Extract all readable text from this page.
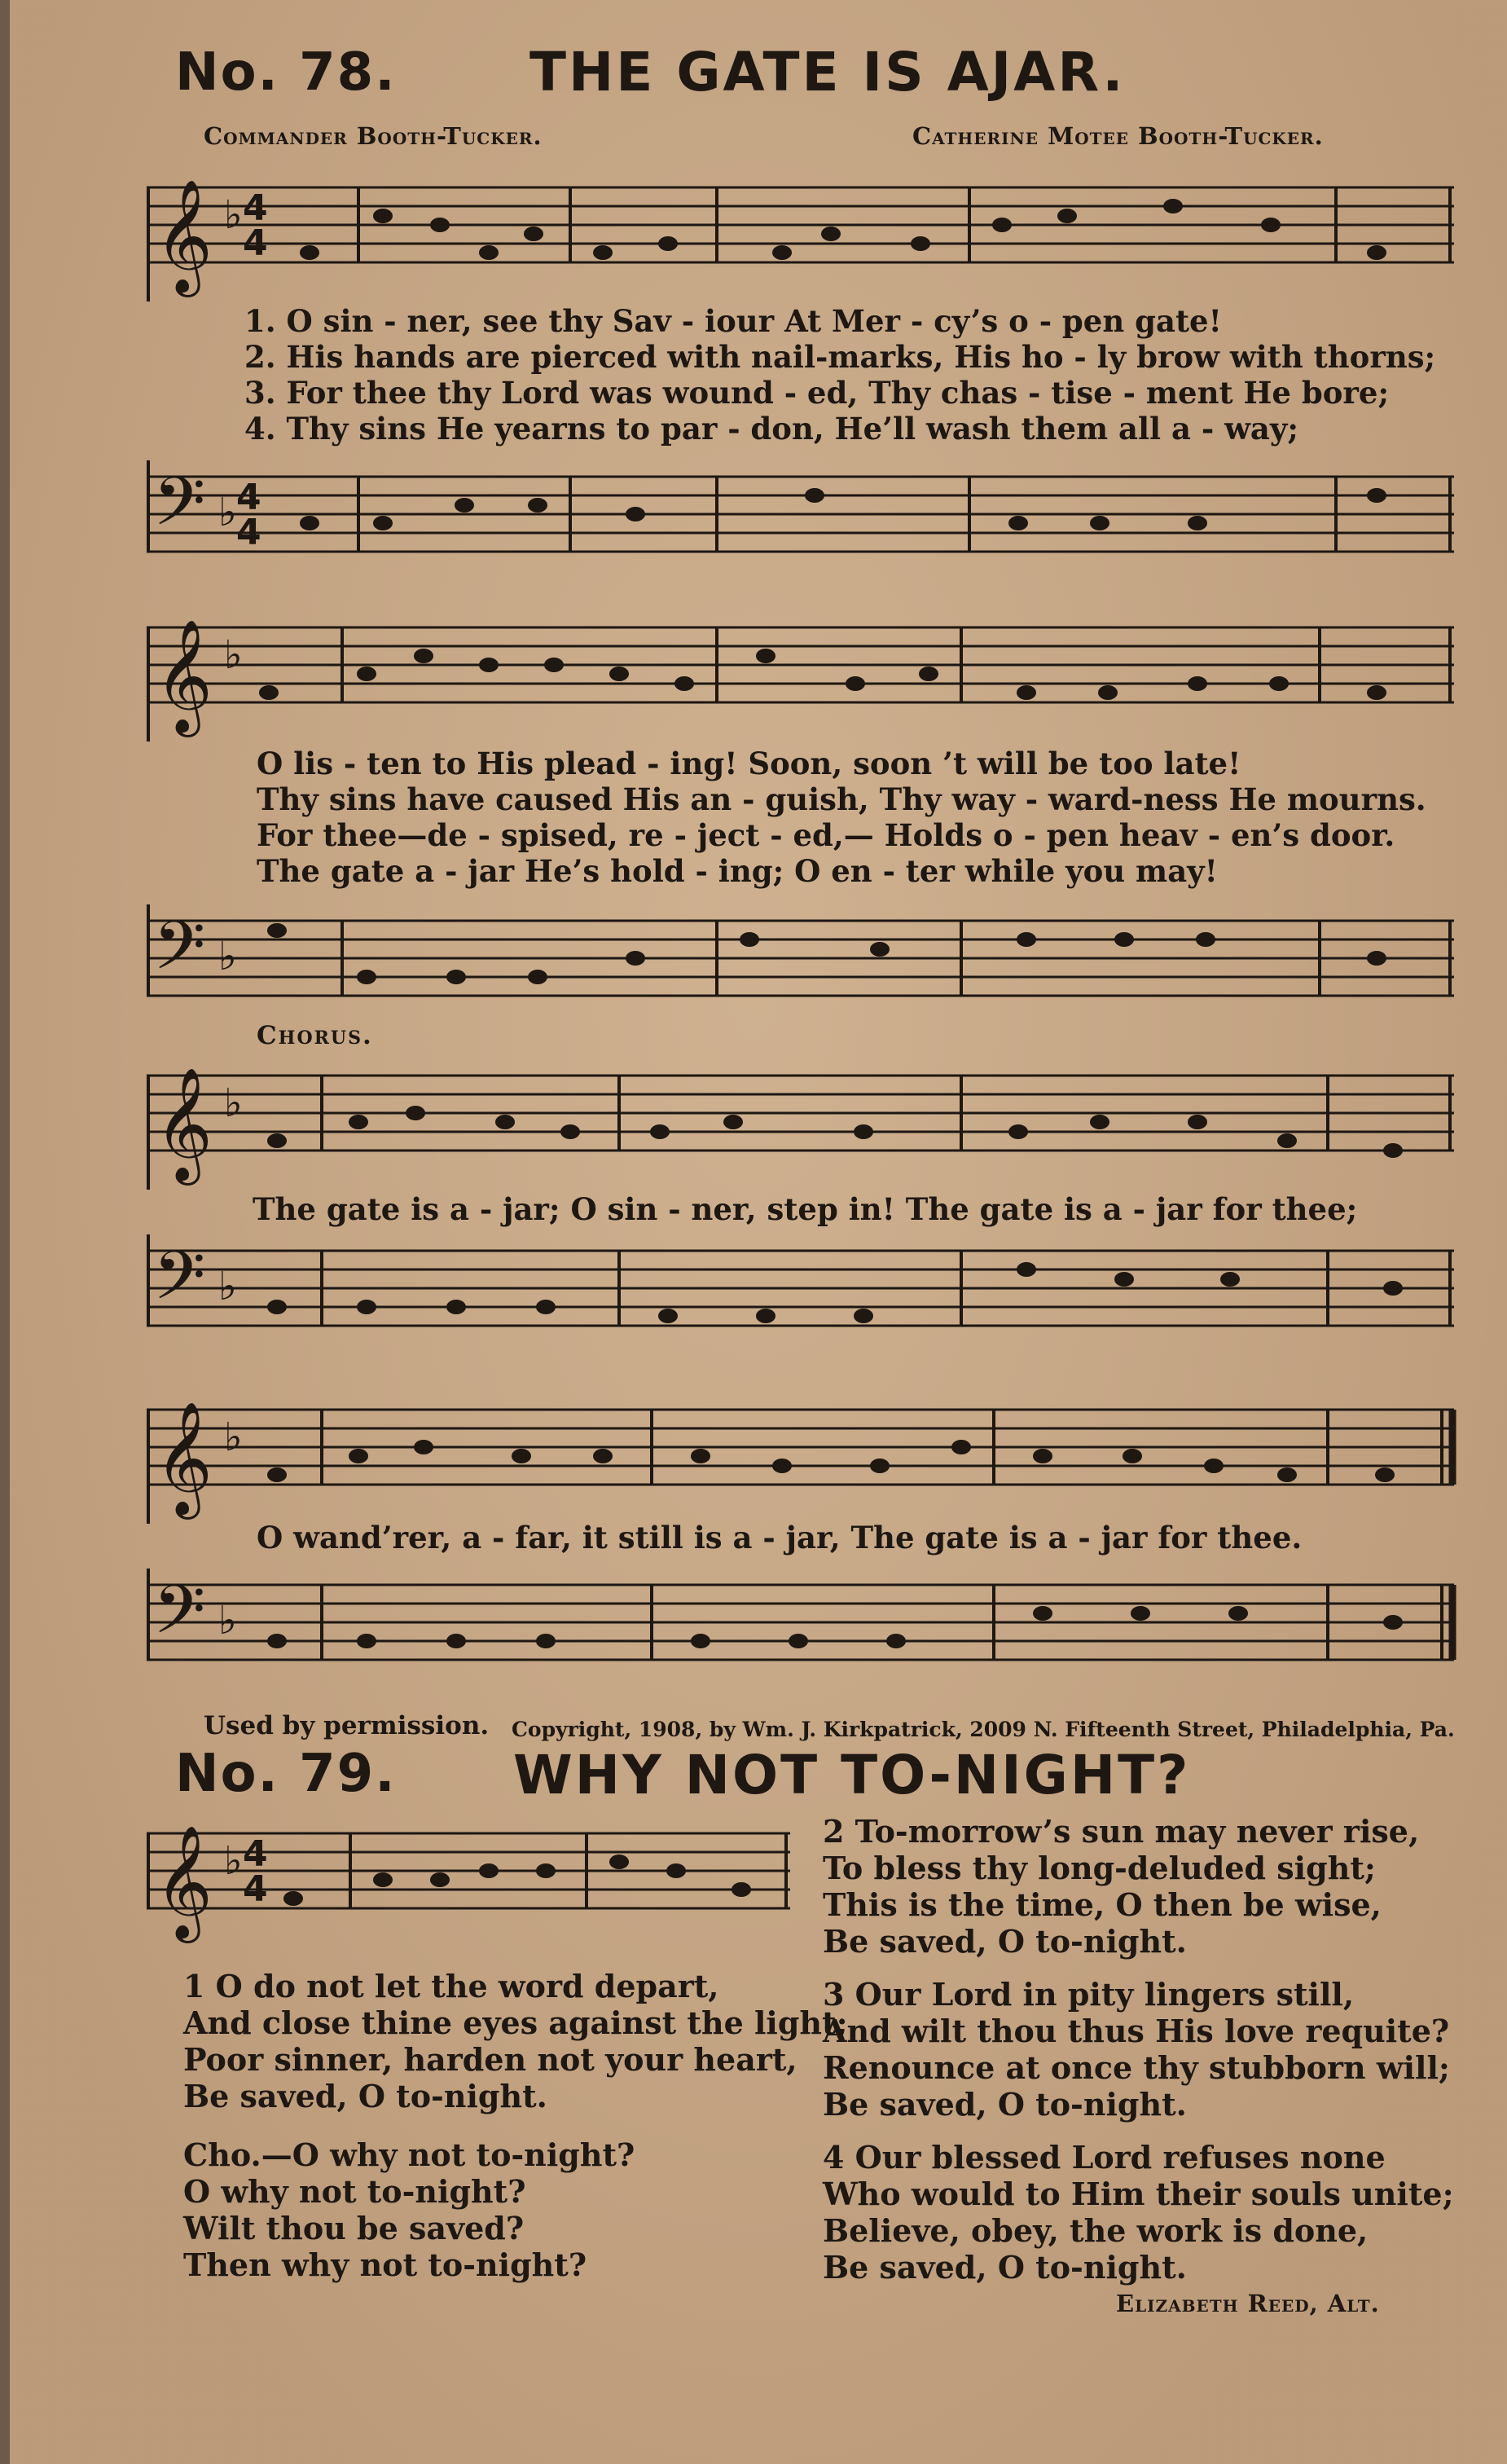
No. 78. THE GATE IS AJAR.
Commander Booth-Tucker.	Catherine Motee Booth-Tucker.
𝄞 ♭ 4
4
1. O sin - ner, see thy Sav - iour At Mer - cy’s o - pen gate!
2. His hands are pierced with nail-marks, His ho - ly brow with thorns;
3. For thee thy Lord was wound - ed, Thy chas - tise - ment He bore;
4. Thy sins He yearns to par - don, He’ll wash them all a - way;
𝄢 ♭ 4
4
𝄞 ♭
O lis - ten to His plead - ing! Soon, soon ’t will be too late!
Thy sins have caused His an - guish, Thy way - ward-ness He mourns.
For thee—de - spised, re - ject - ed,— Holds o - pen heav - en’s door.
The gate a - jar He’s hold - ing; O en - ter while you may!
𝄢 ♭
Chorus.
𝄞 ♭
The gate is a - jar; O sin - ner, step in! The gate is a - jar for thee;
𝄢 ♭
𝄞 ♭
O wand’rer, a - far, it still is a - jar, The gate is a - jar for thee.
𝄢 ♭
Used by permission. Copyright, 1908, by Wm. J. Kirkpatrick, 2009 N. Fifteenth Street, Philadelphia, Pa.
No. 79. WHY NOT TO-NIGHT?
𝄞 ♭ 4
4
1 O do not let the word depart,
And close thine eyes against the light;
Poor sinner, harden not your heart,
Be saved, O to-night.
Cho.—O why not to-night?
O why not to-night?
Wilt thou be saved?
Then why not to-night?
2 To-morrow’s sun may never rise,
To bless thy long-deluded sight;
This is the time, O then be wise,
Be saved, O to-night.
3 Our Lord in pity lingers still,
And wilt thou thus His love requite?
Renounce at once thy stubborn will;
Be saved, O to-night.
4 Our blessed Lord refuses none
Who would to Him their souls unite;
Believe, obey, the work is done,
Be saved, O to-night.
Elizabeth Reed, Alt.
